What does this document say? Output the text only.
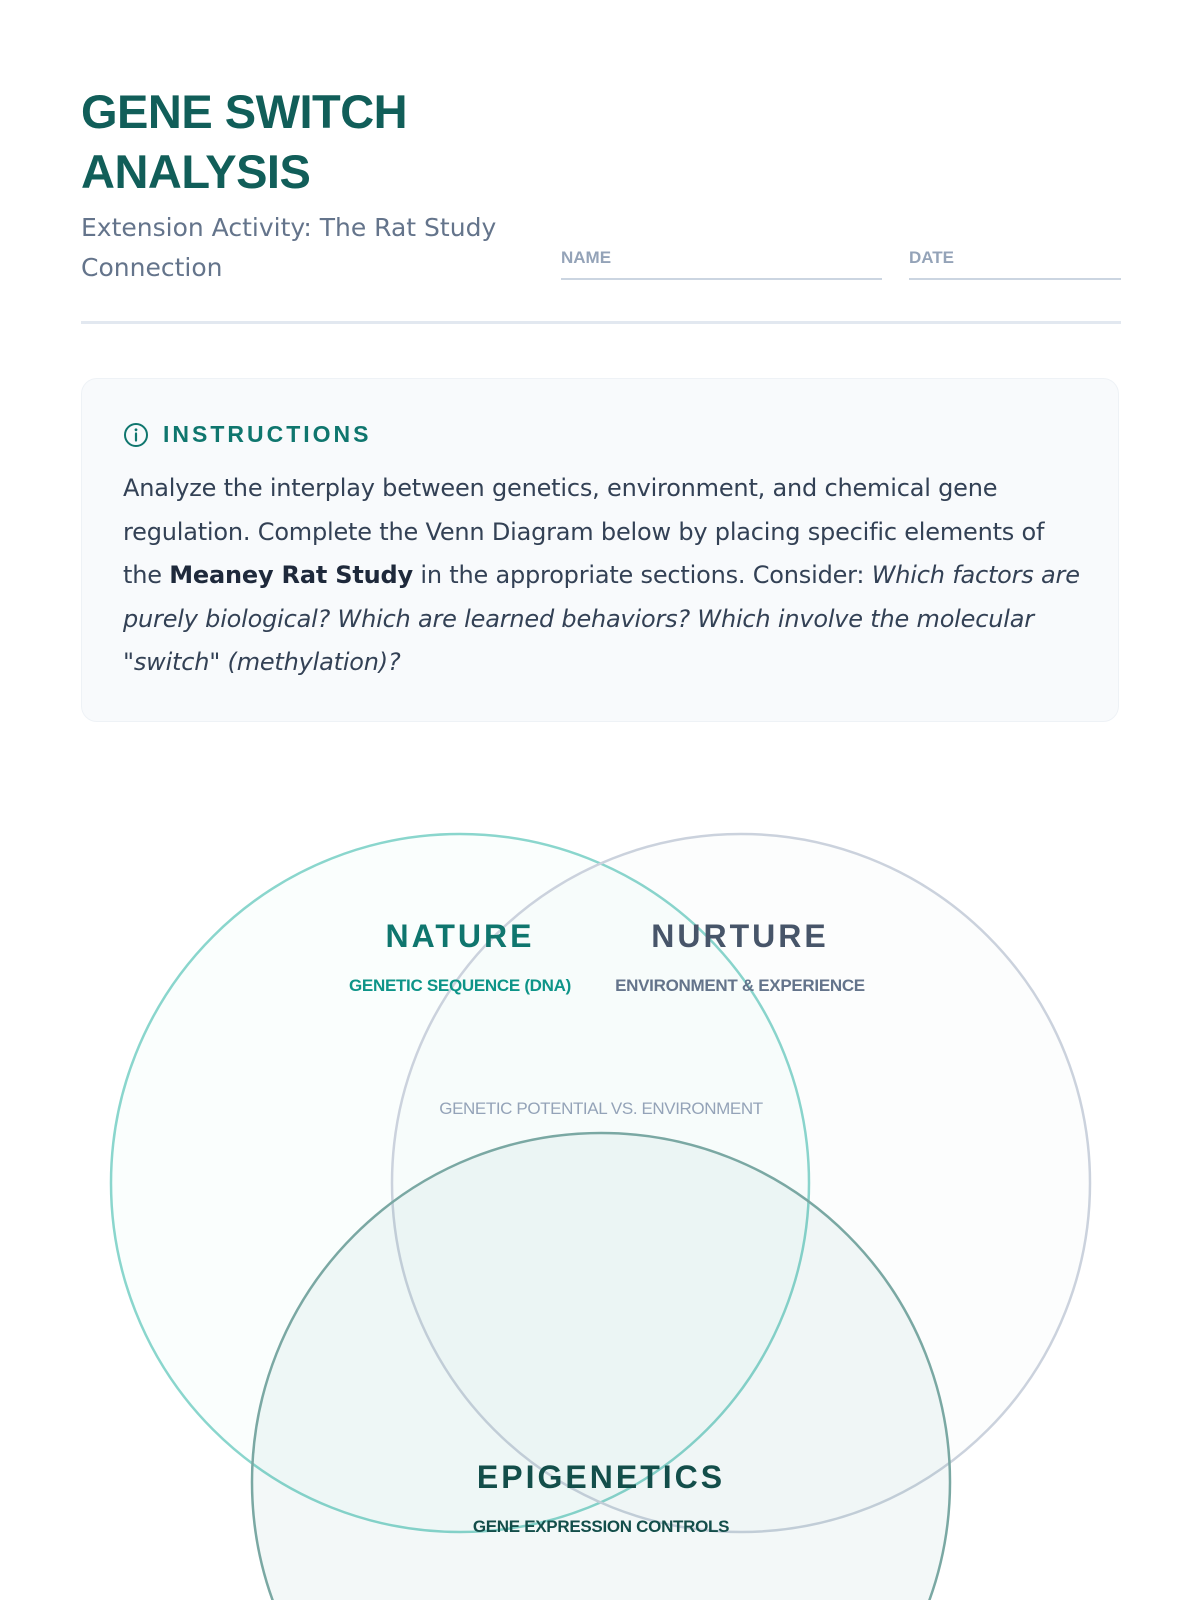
GENE SWITCH ANALYSIS

Extension Activity: The Rat Study Connection	NAME	DATE
INSTRUCTIONS
Analyze the interplay between genetics, environment, and chemical gene regulation. Complete the Venn Diagram below by placing specific elements of the Meaney Rat Study in the appropriate sections. Consider: Which factors are purely biological? Which are learned behaviors? Which involve the molecular "switch" (methylation)?
NATURE
GENETIC SEQUENCE (DNA)
NURTURE
ENVIRONMENT & EXPERIENCE
GENETIC POTENTIAL VS. ENVIRONMENT
EPIGENETICS
GENE EXPRESSION CONTROLS
